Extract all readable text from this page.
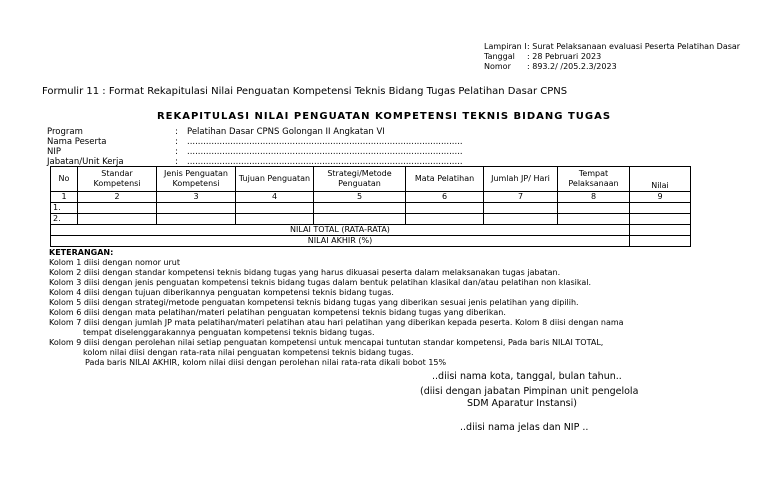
Lampiran I : Surat Pelaksanaan evaluasi Peserta Pelatihan Dasar
Tanggal	: 28 Pebruari 2023
Nomor	: 893.2/ /205.2.3/2023
Formulir 11 : Format Rekapitulasi Nilai Penguatan Kompetensi Teknis Bidang Tugas Pelatihan Dasar CPNS
REKAPITULASI NILAI PENGUATAN KOMPETENSI TEKNIS BIDANG TUGAS
Program	:	Pelatihan Dasar CPNS Golongan II Angkatan VI
Nama Peserta	:	......................................................................................................
NIP	:	......................................................................................................
Jabatan/Unit Kerja	:	......................................................................................................
No	Standar Kompetensi	Jenis Penguatan Kompetensi	Tujuan Penguatan	Strategi/Metode Penguatan	Mata Pelatihan	Jumlah JP/ Hari	Tempat Pelaksanaan	Nilai
1	2	3	4	5	6	7	8	9
1.								
2.								
NILAI TOTAL (RATA-RATA)								
NILAI AKHIR (%)								
KETERANGAN:
Kolom 1 diisi dengan nomor urut
Kolom 2 diisi dengan standar kompetensi teknis bidang tugas yang harus dikuasai peserta dalam melaksanakan tugas jabatan.
Kolom 3 diisi dengan jenis penguatan kompetensi teknis bidang tugas dalam bentuk pelatihan klasikal dan/atau pelatihan non klasikal.
Kolom 4 diisi dengan tujuan diberikannya penguatan kompetensi teknis bidang tugas.
Kolom 5 diisi dengan strategi/metode penguatan kompetensi teknis bidang tugas yang diberikan sesuai jenis pelatihan yang dipilih.
Kolom 6 diisi dengan mata pelatihan/materi pelatihan penguatan kompetensi teknis bidang tugas yang diberikan.
Kolom 7 diisi dengan jumlah JP mata pelatihan/materi pelatihan atau hari pelatihan yang diberikan kepada peserta. Kolom 8 diisi dengan nama
tempat diselenggarakannya penguatan kompetensi teknis bidang tugas.
Kolom 9 diisi dengan perolehan nilai setiap penguatan kompetensi untuk mencapai tuntutan standar kompetensi, Pada baris NILAI TOTAL,
kolom nilai diisi dengan rata-rata nilai penguatan kompetensi teknis bidang tugas.
Pada baris NILAI AKHIR, kolom nilai diisi dengan perolehan nilai rata-rata dikali bobot 15%
..diisi nama kota, tanggal, bulan tahun..
(diisi dengan jabatan Pimpinan unit pengelola
SDM Aparatur Instansi)
..diisi nama jelas dan NIP ..
